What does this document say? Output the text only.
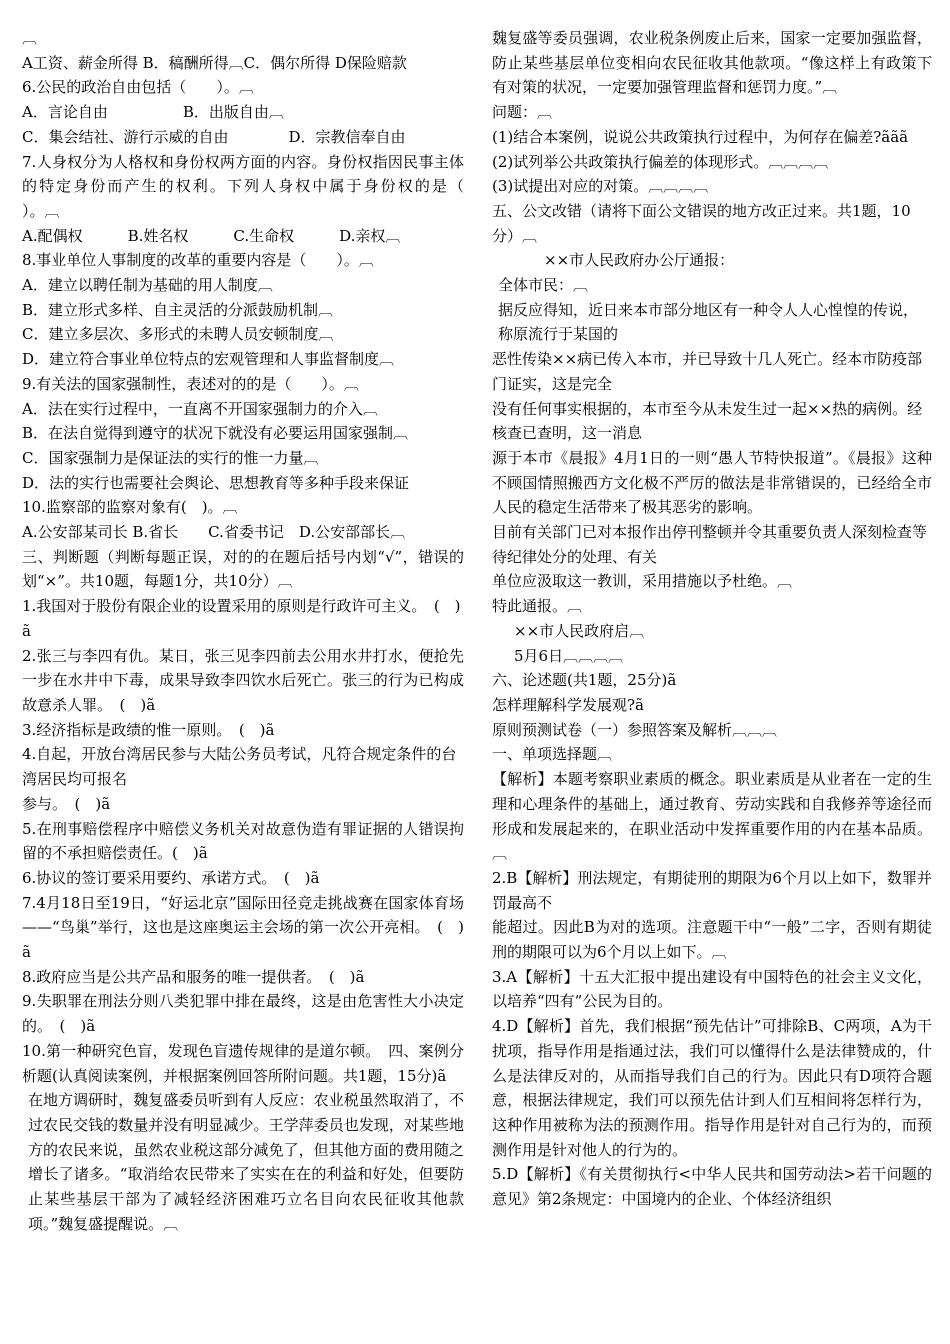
︹

A工资、薪金所得 B．稿酬所得︹C．偶尔所得 D保险赔款

6.公民的政治自由包括（　　）。︹

A．言论自由　　　　　B．出版自由︹

C．集会结社、游行示威的自由　　　　D．宗教信奉自由

7.人身权分为人格权和身份权两方面的内容。身份权指因民事主体的特定身份而产生的权利。下列人身权中属于身份权的是（　　）。︹

A.配偶权　　　B.姓名权　　　C.生命权　　　D.亲权︹

8.事业单位人事制度的改革的重要内容是（　　）。︹

A．建立以聘任制为基础的用人制度︹

B．建立形式多样、自主灵活的分派鼓励机制︹

C．建立多层次、多形式的未聘人员安顿制度︹

D．建立符合事业单位特点的宏观管理和人事监督制度︹

9.有关法的国家强制性，表述对的的是（　　）。︹

A．法在实行过程中，一直离不开国家强制力的介入︹

B．在法自觉得到遵守的状况下就没有必要运用国家强制︹

C．国家强制力是保证法的实行的惟一力量︹

D．法的实行也需要社会舆论、思想教育等多种手段来保证

10.监察部的监察对象有(　)。︹

A.公安部某司长 B.省长　　C.省委书记　D.公安部部长︹

三、判断题（判断每题正误，对的的在题后括号内划“√”，错误的划“×”。共10题，每题1分，共10分）︹

1.我国对于股份有限企业的设置采用的原则是行政许可主义。　(　)ã

2.张三与李四有仇。某日，张三见李四前去公用水井打水，便抢先一步在水井中下毒，成果导致李四饮水后死亡。张三的行为已构成故意杀人罪。　(　)ã

3.经济指标是政绩的惟一原则。　(　)ã

4.自起，开放台湾居民参与大陆公务员考试，凡符合规定条件的台湾居民均可报名

参与。　(　)ã

5.在刑事赔偿程序中赔偿义务机关对故意伪造有罪证据的人错误拘留的不承担赔偿责任。(　)ã

6.协议的签订要采用要约、承诺方式。　(　)ã

7.4月18日至19日，“好运北京”国际田径竞走挑战赛在国家体育场——“鸟巢”举行，这也是这座奥运主会场的第一次公开亮相。　(　)ã

8.政府应当是公共产品和服务的唯一提供者。　(　)ã

9.失职罪在刑法分则八类犯罪中排在最终，这是由危害性大小决定的。　(　)ã

10.第一种研究色盲，发现色盲遗传规律的是道尔顿。　四、案例分析题(认真阅读案例，并根据案例回答所附问题。共1题，15分)ã

在地方调研时，魏复盛委员听到有人反应：农业税虽然取消了，不过农民交钱的数量并没有明显减少。王学萍委员也发现，对某些地方的农民来说，虽然农业税这部分减免了，但其他方面的费用随之增长了诸多。“取消给农民带来了实实在在的利益和好处，但要防止某些基层干部为了减轻经济困难巧立名目向农民征收其他款项。”魏复盛提醒说。︹

魏复盛等委员强调，农业税条例废止后来，国家一定要加强监督，防止某些基层单位变相向农民征收其他款项。“像这样上有政策下有对策的状况，一定要加强管理监督和惩罚力度。”︹

问题：︹

(1)结合本案例，说说公共政策执行过程中，为何存在偏差?ããã

(2)试列举公共政策执行偏差的体现形式。︹︹︹︹

(3)试提出对应的对策。︹︹︹︹

五、公文改错（请将下面公文错误的地方改正过来。共1题，10分）︹

××市人民政府办公厅通报：

全体市民：︹

据反应得知，近日来本市部分地区有一种令人人心惶惶的传说，称原流行于某国的

恶性传染××病已传入本市，并已导致十几人死亡。经本市防疫部门证实，这是完全

没有任何事实根据的，本市至今从未发生过一起××热的病例。经核查已查明，这一消息

源于本市《晨报》4月1日的一则“愚人节特快报道”。《晨报》这种不顾国情照搬西方文化极不严厉的做法是非常错误的，已经给全市人民的稳定生活带来了极其恶劣的影响。

目前有关部门已对本报作出停刊整顿并令其重要负责人深刻检查等待纪律处分的处理、有关

单位应汲取这一教训，采用措施以予杜绝。︹

特此通报。︹

××市人民政府启︹

5月6日︹︹︹︹

六、论述题(共1题，25分)ã

怎样理解科学发展观?ã

原则预测试卷（一）参照答案及解析︹︹︹

一、单项选择题︹

【解析】本题考察职业素质的概念。职业素质是从业者在一定的生理和心理条件的基础上，通过教育、劳动实践和自我修养等途径而形成和发展起来的，在职业活动中发挥重要作用的内在基本品质。︹

2.B【解析】刑法规定，有期徒刑的期限为6个月以上如下，数罪并罚最高不

能超过。因此B为对的选项。注意题干中“一般”二字，否则有期徒刑的期限可以为6个月以上如下。︹

3.A【解析】十五大汇报中提出建设有中国特色的社会主义文化，以培养“四有”公民为目的。

4.D【解析】首先，我们根据“预先估计”可排除B、C两项，A为干扰项，指导作用是指通过法，我们可以懂得什么是法律赞成的，什么是法律反对的，从而指导我们自己的行为。因此只有D项符合题意，根据法律规定，我们可以预先估计到人们互相间将怎样行为，这种作用被称为法的预测作用。指导作用是针对自己行为的，而预测作用是针对他人的行为的。

5.D【解析】《有关贯彻执行<中华人民共和国劳动法>若干问题的意见》第2条规定：中国境内的企业、个体经济组织
